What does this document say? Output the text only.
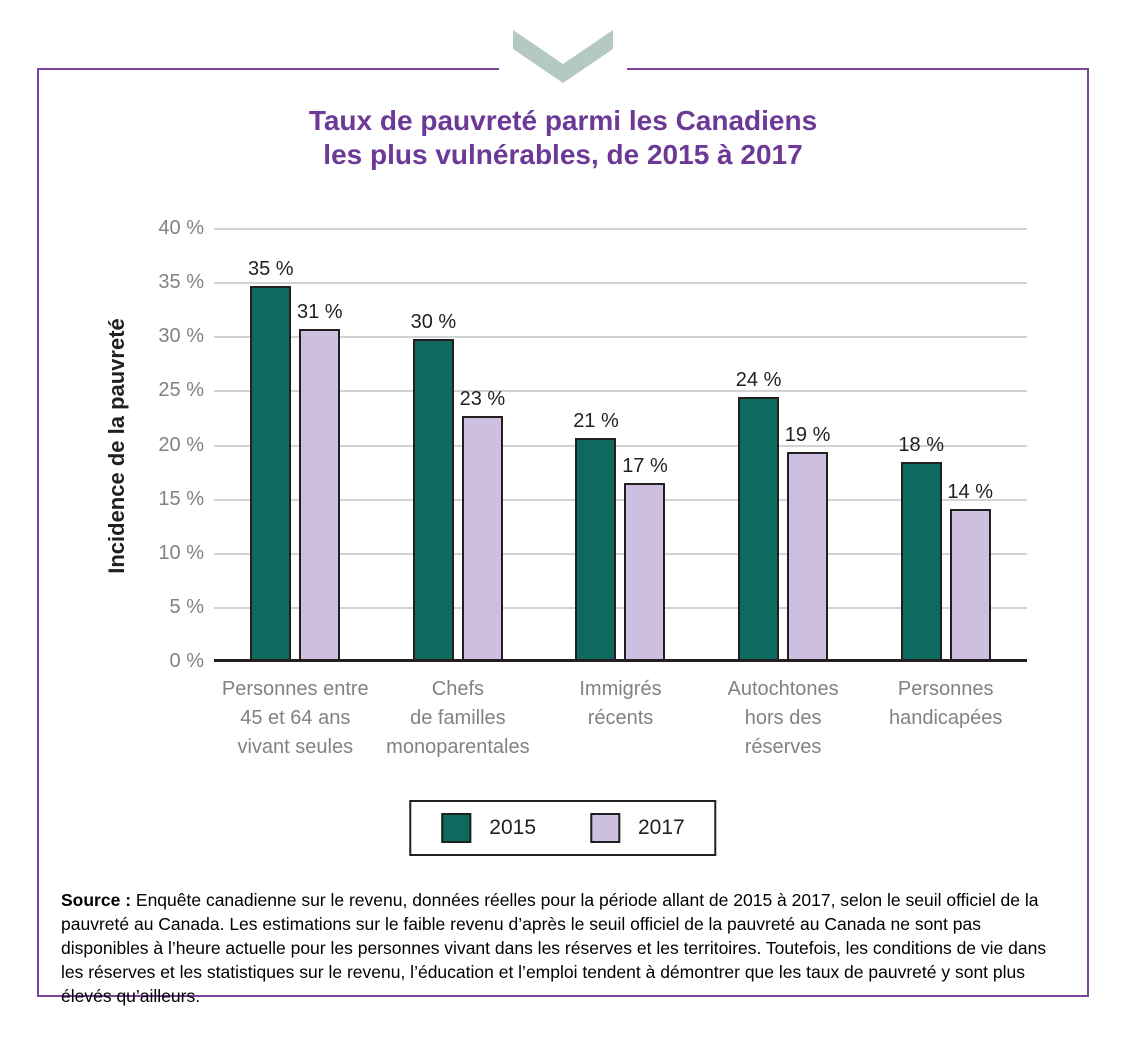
Taux de pauvreté parmi les Canadiens
les plus vulnérables, de 2015 à 2017
Incidence de la pauvreté
0 %
5 %
10 %
15 %
20 %
25 %
30 %
35 %
40 %
35 %
31 %	30 %
23 %
21 %
17 %
24 %
19 %	18 %
14 %
Personnes entre
45 et 64 ans
vivant seules
Chefs
de familles
monoparentales
Immigrés
récents
Autochtones
hors des
réserves
Personnes
handicapées
2015	2017
Source : Enquête canadienne sur le revenu, données réelles pour la période allant de 2015 à 2017, selon le seuil officiel de la pauvreté au Canada. Les estimations sur le faible revenu d’après le seuil officiel de la pauvreté au Canada ne sont pas disponibles à l’heure actuelle pour les personnes vivant dans les réserves et les territoires. Toutefois, les conditions de vie dans les réserves et les statistiques sur le revenu, l’éducation et l’emploi tendent à démontrer que les taux de pauvreté y sont plus élevés qu’ailleurs.
